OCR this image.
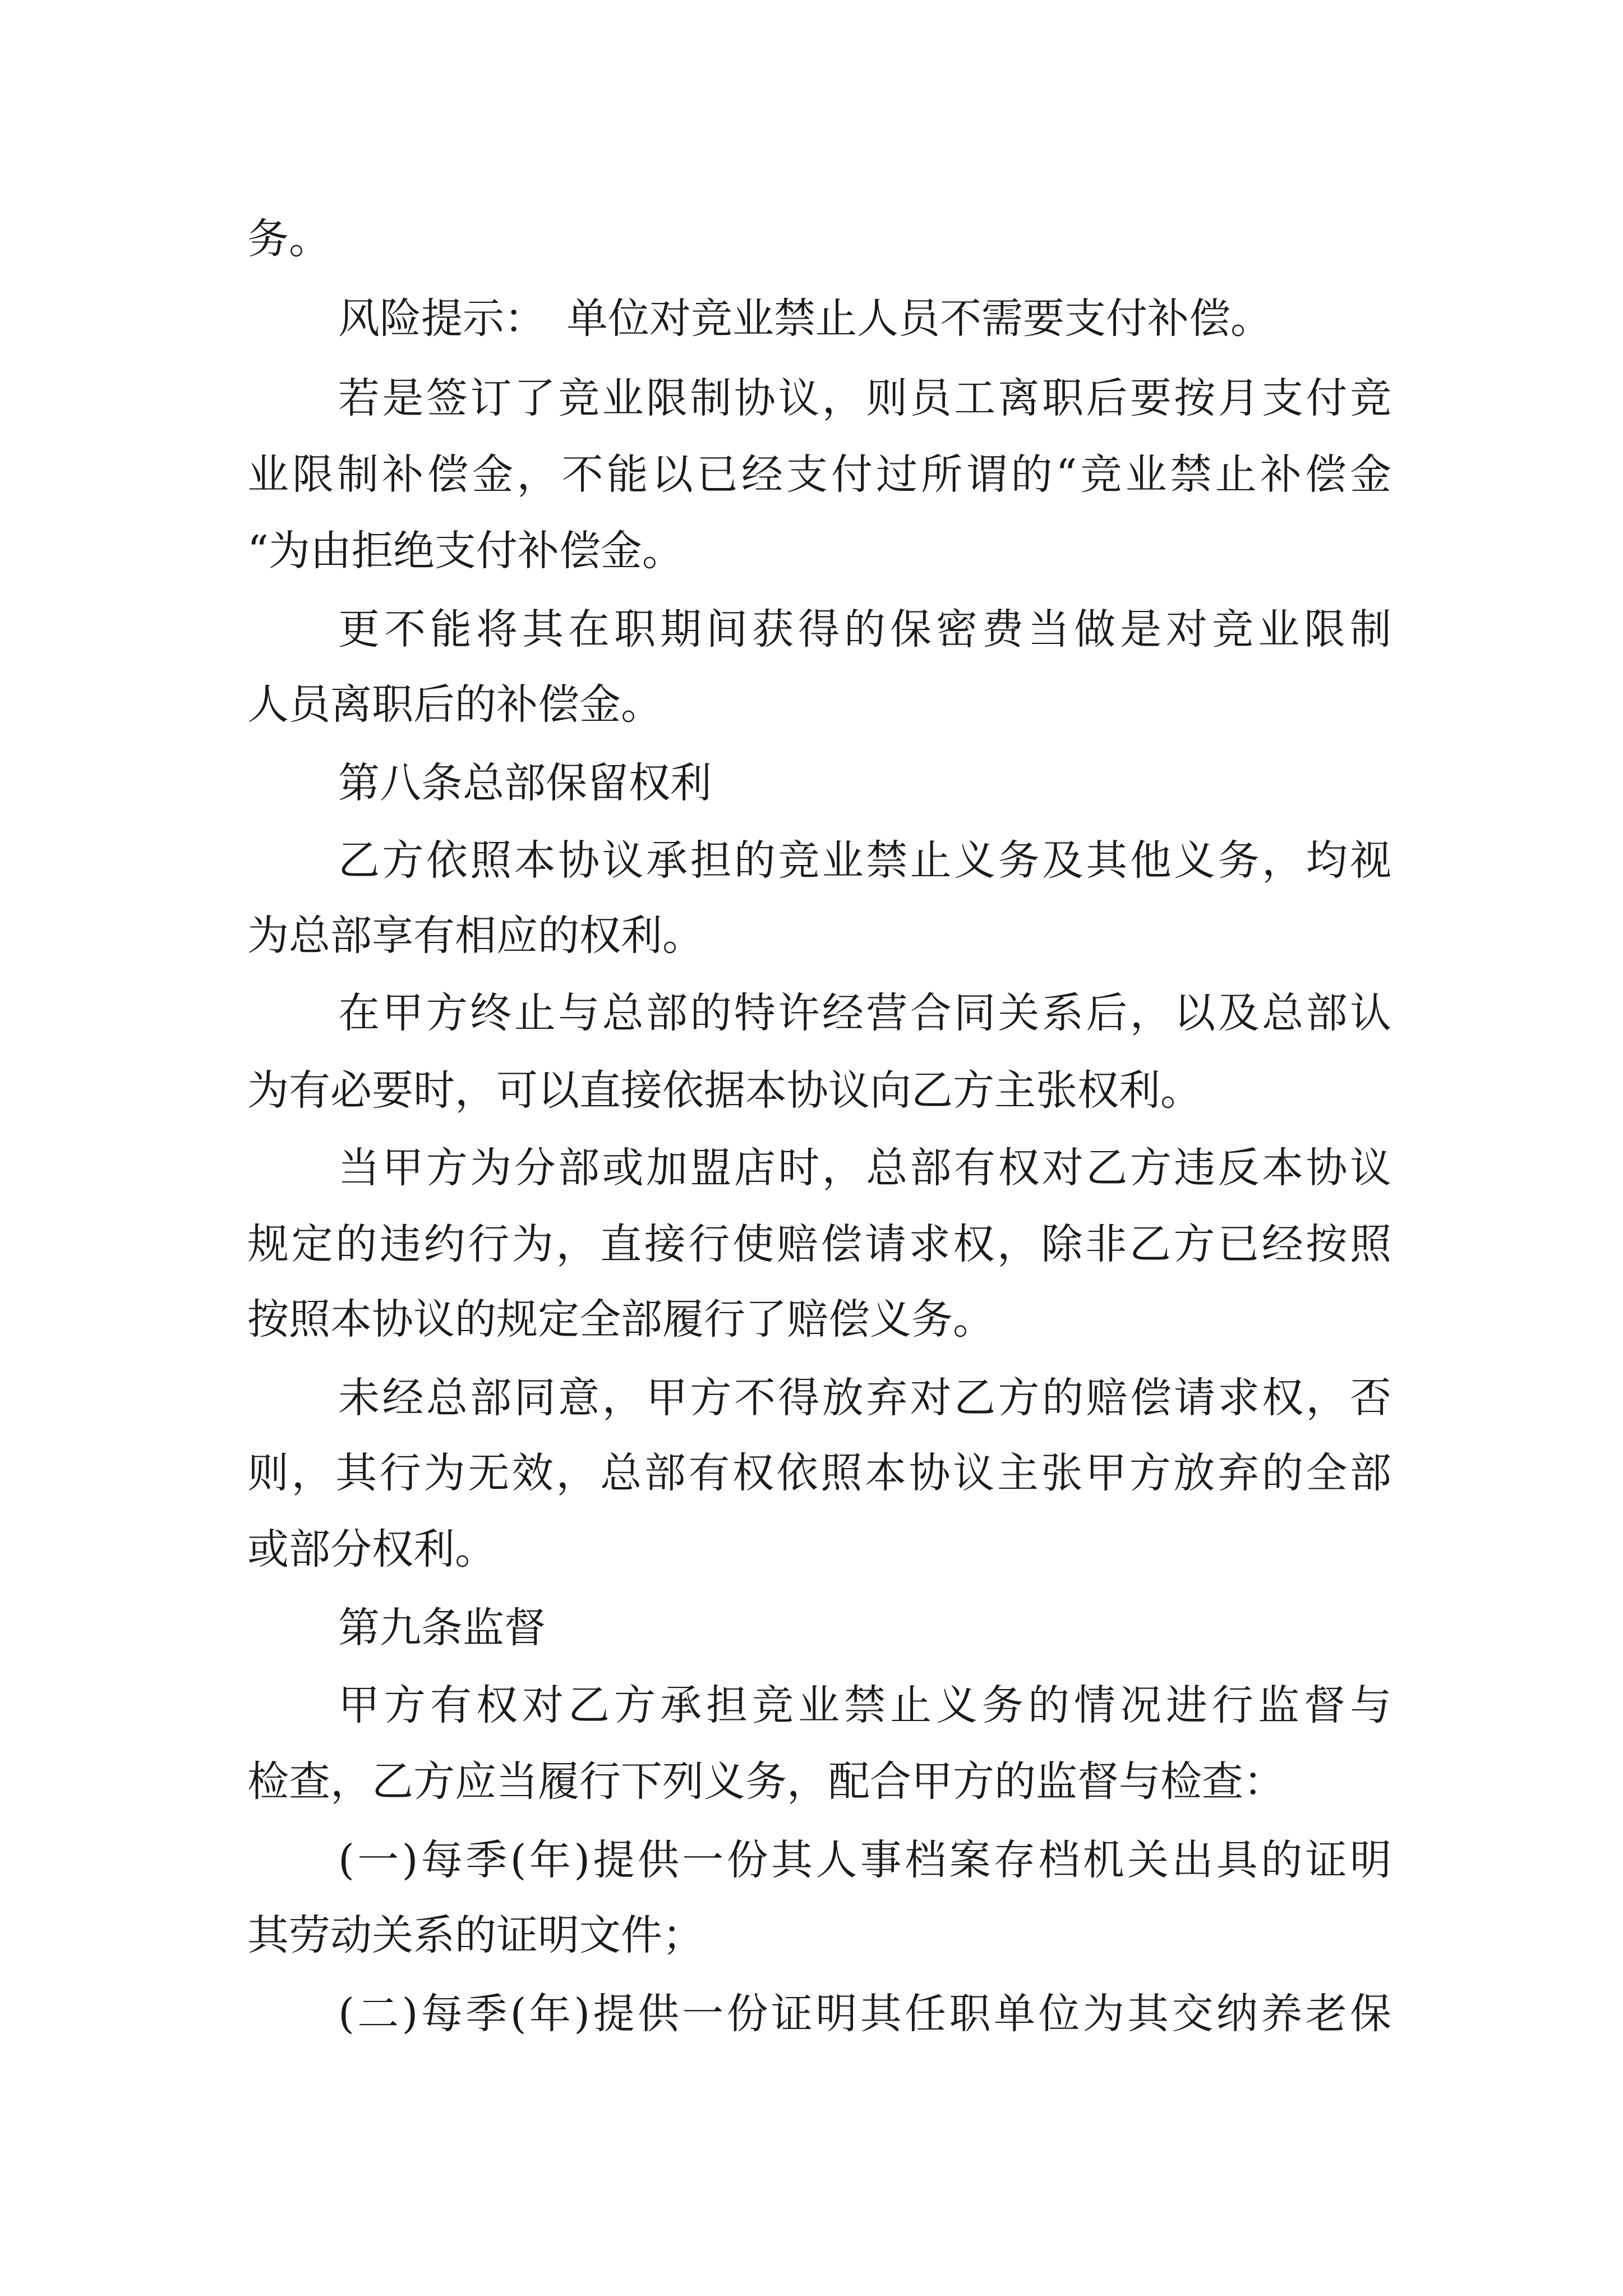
务。
风险提示：　单位对竞业禁止人员不需要支付补偿。
若是签订了竞业限制协议，则员工离职后要按月支付竞
业限制补偿金，不能以已经支付过所谓的“竞业禁止补偿金
“为由拒绝支付补偿金。
更不能将其在职期间获得的保密费当做是对竞业限制
人员离职后的补偿金。
第八条总部保留权利
乙方依照本协议承担的竞业禁止义务及其他义务，均视
为总部享有相应的权利。
在甲方终止与总部的特许经营合同关系后，以及总部认
为有必要时，可以直接依据本协议向乙方主张权利。
当甲方为分部或加盟店时，总部有权对乙方违反本协议
规定的违约行为，直接行使赔偿请求权，除非乙方已经按照
按照本协议的规定全部履行了赔偿义务。
未经总部同意，甲方不得放弃对乙方的赔偿请求权，否
则，其行为无效，总部有权依照本协议主张甲方放弃的全部
或部分权利。
第九条监督
甲方有权对乙方承担竞业禁止义务的情况进行监督与
检查，乙方应当履行下列义务，配合甲方的监督与检查：
(一)每季(年)提供一份其人事档案存档机关出具的证明
其劳动关系的证明文件；
(二)每季(年)提供一份证明其任职单位为其交纳养老保
